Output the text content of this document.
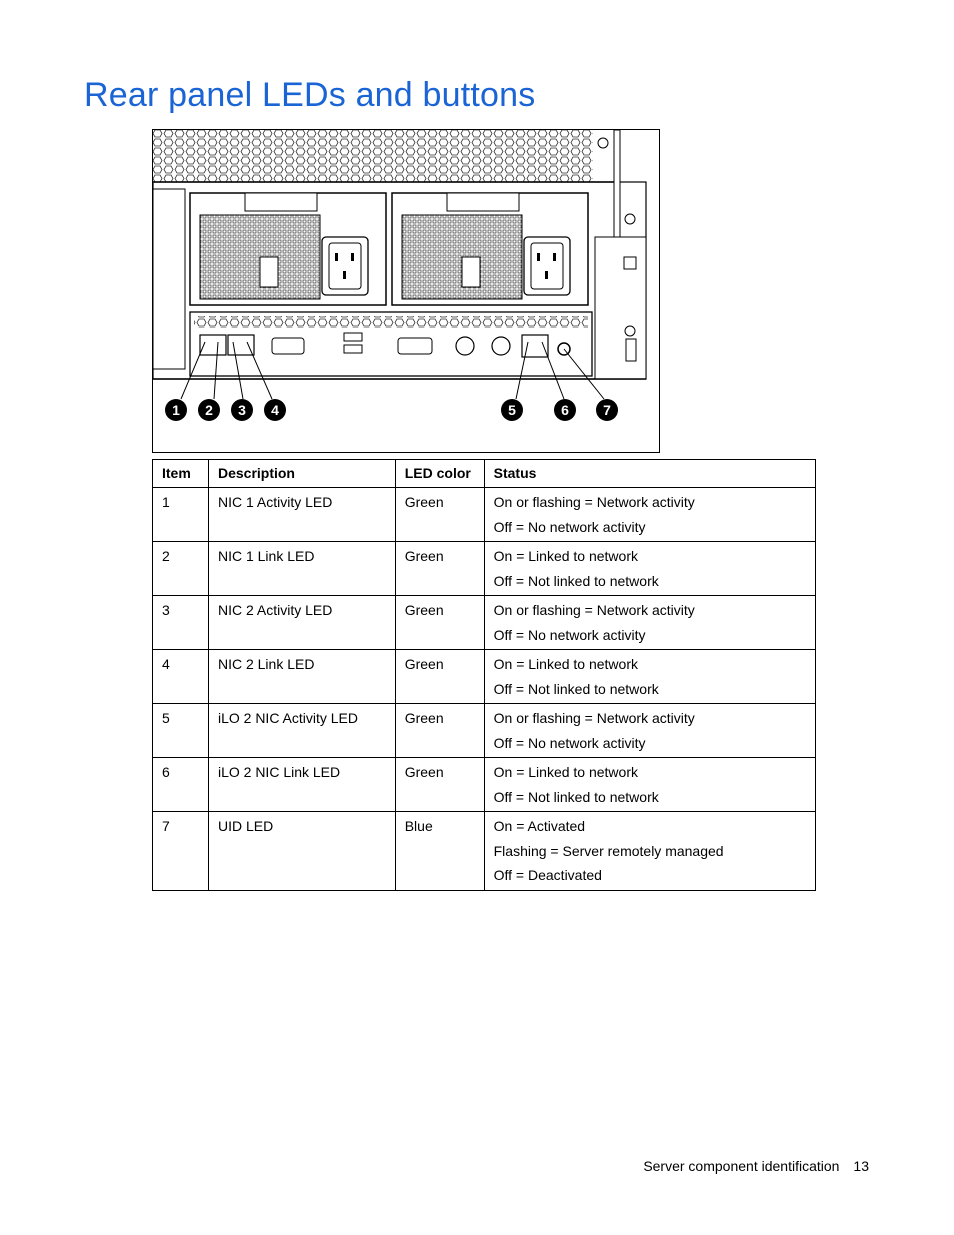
Rear panel LEDs and buttons
1 2 3 4	5	6 7
Item	Description	LED color	Status

1	NIC 1 Activity LED	Green	On or flashing = Network activity
Off = No network activity

2	NIC 1 Link LED	Green	On = Linked to network
Off = Not linked to network

3	NIC 2 Activity LED	Green	On or flashing = Network activity
Off = No network activity

4	NIC 2 Link LED	Green	On = Linked to network
Off = Not linked to network

5	iLO 2 NIC Activity LED	Green	On or flashing = Network activity
Off = No network activity

6	iLO 2 NIC Link LED	Green	On = Linked to network
Off = Not linked to network

7	UID LED	Blue	On = Activated
Flashing = Server remotely managed
Off = Deactivated
Server component identification 13
